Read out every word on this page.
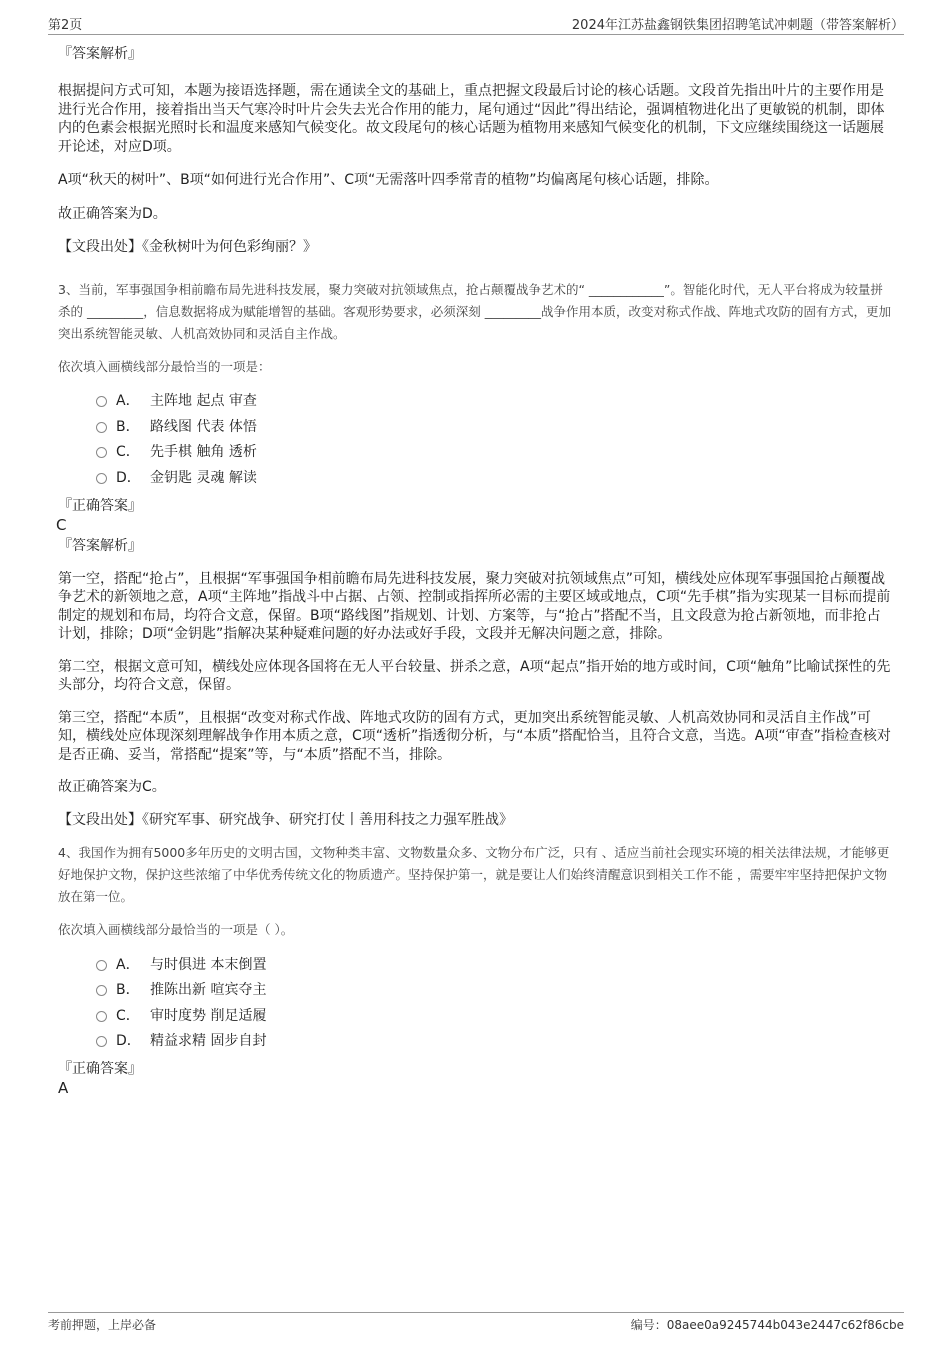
第2页	2024年江苏盐鑫钢铁集团招聘笔试冲刺题（带答案解析）

『答案解析』

根据提问方式可知，本题为接语选择题，需在通读全文的基础上，重点把握文段最后讨论的核心话题。文段首先指出叶片的主要作用是进行光合作用，接着指出当天气寒冷时叶片会失去光合作用的能力，尾句通过“因此”得出结论，强调植物进化出了更敏锐的机制，即体内的色素会根据光照时长和温度来感知气候变化。故文段尾句的核心话题为植物用来感知气候变化的机制，下文应继续围绕这一话题展开论述，对应D项。

A项“秋天的树叶”、B项“如何进行光合作用”、C项“无需落叶四季常青的植物”均偏离尾句核心话题，排除。

故正确答案为D。

【文段出处】《金秋树叶为何色彩绚丽？》

3、当前，军事强国争相前瞻布局先进科技发展，聚力突破对抗领域焦点，抢占颠覆战争艺术的“ ____________”。智能化时代，无人平台将成为较量拼杀的 _________，信息数据将成为赋能增智的基础。客观形势要求，必须深刻 _________战争作用本质，改变对称式作战、阵地式攻防的固有方式，更加突出系统智能灵敏、人机高效协同和灵活自主作战。

依次填入画横线部分最恰当的一项是：

A． 主阵地 起点 审查
B． 路线图 代表 体悟
C． 先手棋 触角 透析
D． 金钥匙 灵魂 解读

『正确答案』

C

『答案解析』

第一空，搭配“抢占”，且根据“军事强国争相前瞻布局先进科技发展，聚力突破对抗领域焦点”可知，横线处应体现军事强国抢占颠覆战争艺术的新领地之意，A项“主阵地”指战斗中占据、占领、控制或指挥所必需的主要区域或地点，C项“先手棋”指为实现某一目标而提前制定的规划和布局，均符合文意，保留。B项“路线图”指规划、计划、方案等，与“抢占”搭配不当，且文段意为抢占新领地，而非抢占计划，排除；D项“金钥匙”指解决某种疑难问题的好办法或好手段，文段并无解决问题之意，排除。

第二空，根据文意可知，横线处应体现各国将在无人平台较量、拼杀之意，A项“起点”指开始的地方或时间，C项“触角”比喻试探性的先头部分，均符合文意，保留。

第三空，搭配“本质”，且根据“改变对称式作战、阵地式攻防的固有方式，更加突出系统智能灵敏、人机高效协同和灵活自主作战”可知，横线处应体现深刻理解战争作用本质之意，C项“透析”指透彻分析，与“本质”搭配恰当，且符合文意，当选。A项“审查”指检查核对是否正确、妥当，常搭配“提案”等，与“本质”搭配不当，排除。

故正确答案为C。

【文段出处】《研究军事、研究战争、研究打仗丨善用科技之力强军胜战》

4、我国作为拥有5000多年历史的文明古国，文物种类丰富、文物数量众多、文物分布广泛，只有 、适应当前社会现实环境的相关法律法规，才能够更好地保护文物，保护这些浓缩了中华优秀传统文化的物质遗产。坚持保护第一，就是要让人们始终清醒意识到相关工作不能 ，需要牢牢坚持把保护文物放在第一位。

依次填入画横线部分最恰当的一项是（ ）。

A． 与时俱进 本末倒置
B． 推陈出新 喧宾夺主
C． 审时度势 削足适履
D． 精益求精 固步自封

『正确答案』

A

考前押题，上岸必备	编号：08aee0a9245744b043e2447c62f86cbe
